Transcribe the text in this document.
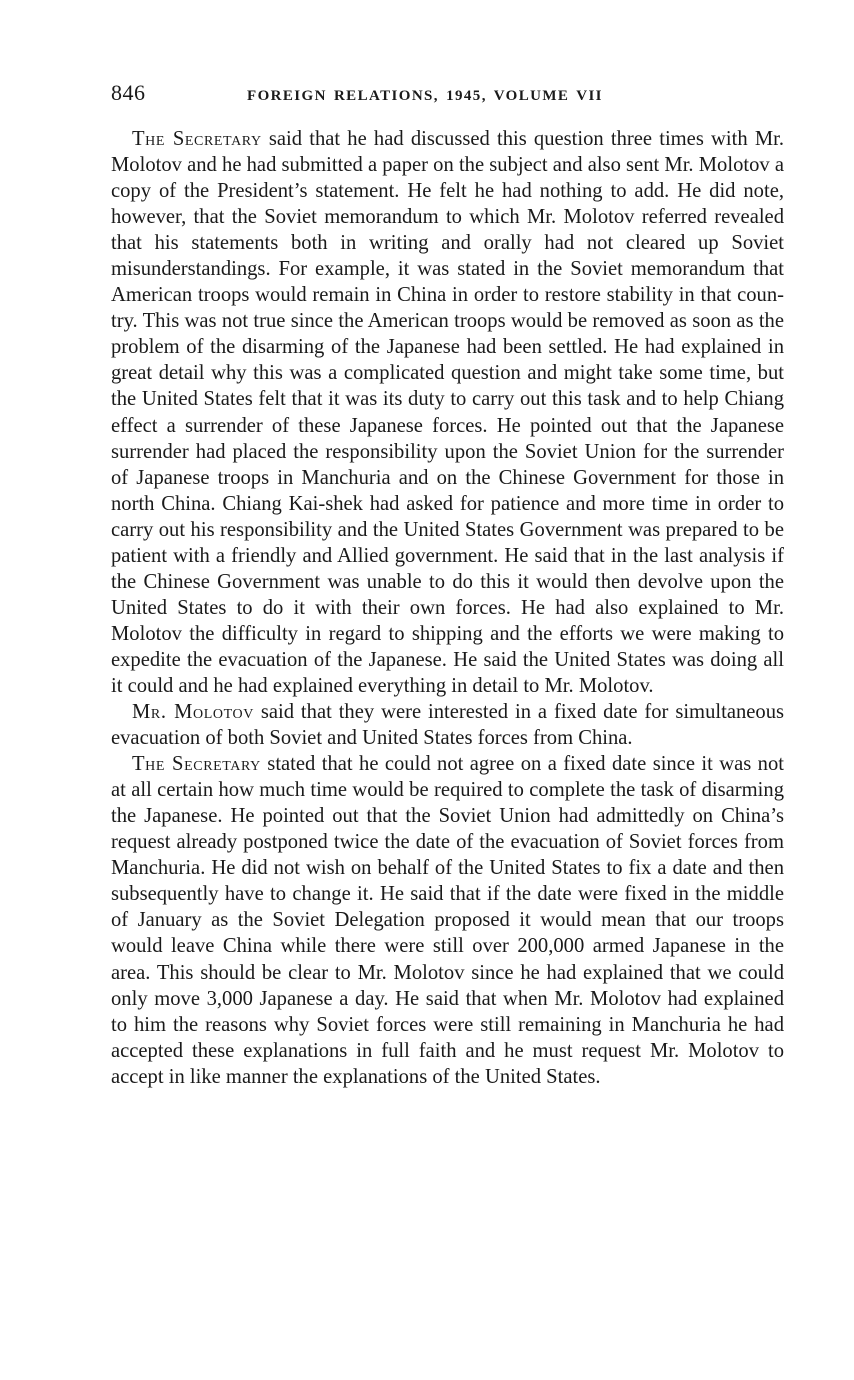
846	FOREIGN RELATIONS, 1945, VOLUME VII

The Secretary said that he had discussed this question three times with Mr. Molotov and he had submitted a paper on the subject and also sent Mr. Molotov a copy of the President’s statement. He felt he had nothing to add. He did note, however, that the Soviet memorandum to which Mr. Molotov referred revealed that his statements both in writing and orally had not cleared up Soviet misunderstandings. For example, it was stated in the Soviet memorandum that American troops would remain in China in order to restore stability in that country. This was not true since the American troops would be removed as soon as the problem of the disarming of the Japanese had been settled. He had explained in great detail why this was a complicated question and might take some time, but the United States felt that it was its duty to carry out this task and to help Chiang effect a surrender of these Japanese forces. He pointed out that the Japanese surrender had placed the responsibility upon the Soviet Union for the surrender of Japanese troops in Manchuria and on the Chinese Government for those in north China. Chiang Kai-shek had asked for patience and more time in order to carry out his responsibility and the United States Government was prepared to be patient with a friendly and Allied government. He said that in the last analysis if the Chinese Government was unable to do this it would then devolve upon the United States to do it with their own forces. He had also explained to Mr. Molotov the difficulty in regard to shipping and the efforts we were making to expedite the evacuation of the Japanese. He said the United States was doing all it could and he had explained everything in detail to Mr. Molotov.

Mr. Molotov said that they were interested in a fixed date for simultaneous evacuation of both Soviet and United States forces from China.

The Secretary stated that he could not agree on a fixed date since it was not at all certain how much time would be required to complete the task of disarming the Japanese. He pointed out that the Soviet Union had admittedly on China’s request already postponed twice the date of the evacuation of Soviet forces from Manchuria. He did not wish on behalf of the United States to fix a date and then subsequently have to change it. He said that if the date were fixed in the middle of January as the Soviet Delegation proposed it would mean that our troops would leave China while there were still over 200,000 armed Japanese in the area. This should be clear to Mr. Molotov since he had explained that we could only move 3,000 Japanese a day. He said that when Mr. Molotov had explained to him the reasons why Soviet forces were still remaining in Manchuria he had accepted these explanations in full faith and he must request Mr. Molotov to accept in like manner the explanations of the United States.
